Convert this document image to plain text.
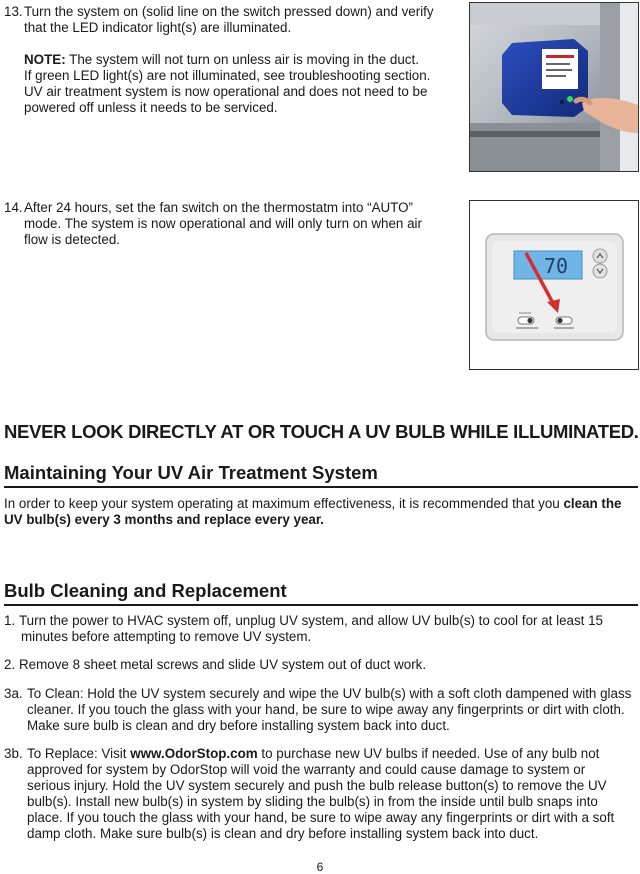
13. Turn the system on (solid line on the switch pressed down) and verify
that the LED indicator light(s) are illuminated.
NOTE: The system will not turn on unless air is moving in the duct.
If green LED light(s) are not illuminated, see troubleshooting section.
UV air treatment system is now operational and does not need to be
powered off unless it needs to be serviced.
14. After 24 hours, set the fan switch on the thermostatm into “AUTO”
mode. The system is now operational and will only turn on when air
flow is detected.
70
NEVER LOOK DIRECTLY AT OR TOUCH A UV BULB WHILE ILLUMINATED.
Maintaining Your UV Air Treatment System
In order to keep your system operating at maximum effectiveness, it is recommended that you clean the
UV bulb(s) every 3 months and replace every year.
Bulb Cleaning and Replacement
1. Turn the power to HVAC system off, unplug UV system, and allow UV bulb(s) to cool for at least 15
minutes before attempting to remove UV system.
2. Remove 8 sheet metal screws and slide UV system out of duct work.
3a. To Clean: Hold the UV system securely and wipe the UV bulb(s) with a soft cloth dampened with glass
cleaner. If you touch the glass with your hand, be sure to wipe away any fingerprints or dirt with cloth.
Make sure bulb is clean and dry before installing system back into duct.
3b. To Replace: Visit www.OdorStop.com to purchase new UV bulbs if needed. Use of any bulb not
approved for system by OdorStop will void the warranty and could cause damage to system or
serious injury. Hold the UV system securely and push the bulb release button(s) to remove the UV
bulb(s). Install new bulb(s) in system by sliding the bulb(s) in from the inside until bulb snaps into
place. If you touch the glass with your hand, be sure to wipe away any fingerprints or dirt with a soft
damp cloth. Make sure bulb(s) is clean and dry before installing system back into duct.
6
